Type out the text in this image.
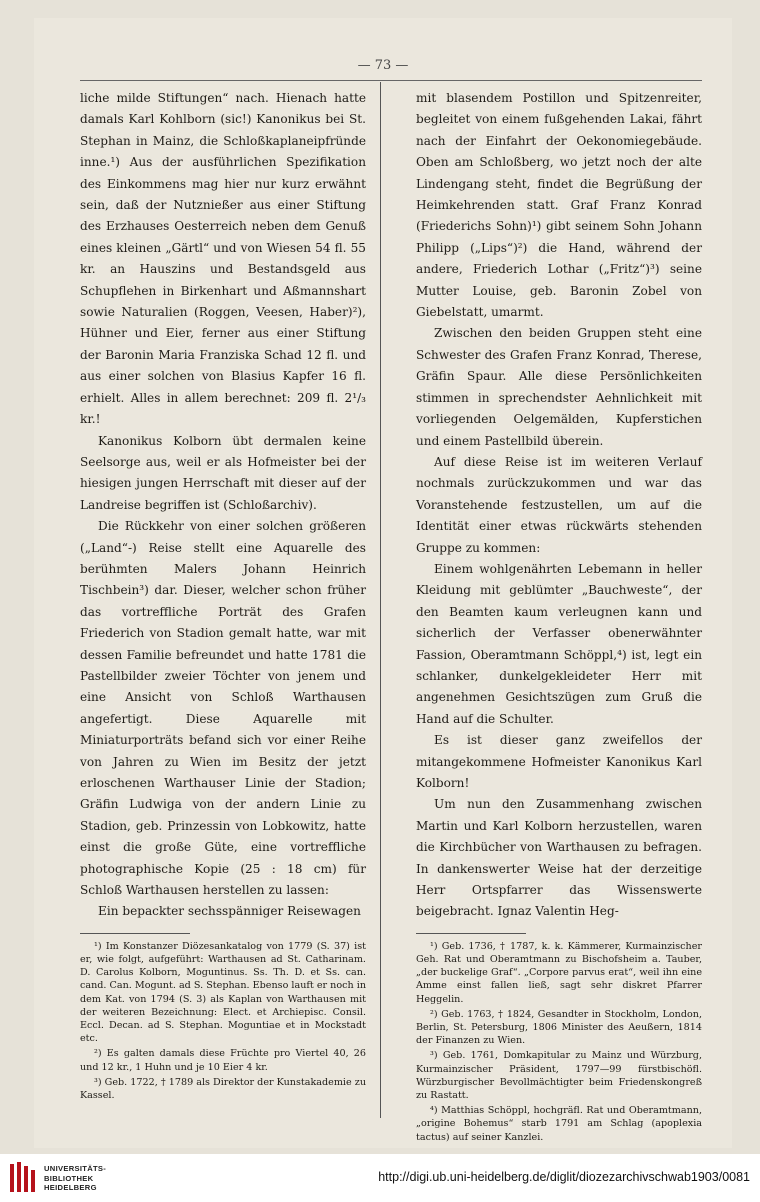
— 73 —

liche milde Stiftungen“ nach. Hienach hatte damals Karl Kohlborn (sic!) Kanonikus bei St. Stephan in Mainz, die Schloßkaplaneipfründe inne.¹) Aus der ausführlichen Spezifikation des Einkommens mag hier nur kurz erwähnt sein, daß der Nutznießer aus einer Stiftung des Erzhauses Oesterreich neben dem Genuß eines kleinen „Gärtl“ und von Wiesen 54 fl. 55 kr. an Hauszins und Bestandsgeld aus Schupflehen in Birkenhart und Aßmannshart sowie Naturalien (Roggen, Veesen, Haber)²), Hühner und Eier, ferner aus einer Stiftung der Baronin Maria Franziska Schad 12 fl. und aus einer solchen von Blasius Kapfer 16 fl. erhielt. Alles in allem berechnet: 209 fl. 2¹/₃ kr.!

Kanonikus Kolborn übt dermalen keine Seelsorge aus, weil er als Hofmeister bei der hiesigen jungen Herrschaft mit dieser auf der Landreise begriffen ist (Schloßarchiv).

Die Rückkehr von einer solchen größeren („Land“-) Reise stellt eine Aquarelle des berühmten Malers Johann Heinrich Tischbein³) dar. Dieser, welcher schon früher das vortreffliche Porträt des Grafen Friederich von Stadion gemalt hatte, war mit dessen Familie befreundet und hatte 1781 die Pastellbilder zweier Töchter von jenem und eine Ansicht von Schloß Warthausen angefertigt. Diese Aquarelle mit Miniaturporträts befand sich vor einer Reihe von Jahren zu Wien im Besitz der jetzt erloschenen Warthauser Linie der Stadion; Gräfin Ludwiga von der andern Linie zu Stadion, geb. Prinzessin von Lobkowitz, hatte einst die große Güte, eine vortreffliche photographische Kopie (25 : 18 cm) für Schloß Warthausen herstellen zu lassen:

Ein bepackter sechsspänniger Reisewagen

¹) Im Konstanzer Diözesankatalog von 1779 (S. 37) ist er, wie folgt, aufgeführt: Warthausen ad St. Catharinam. D. Carolus Kolborn, Moguntinus. Ss. Th. D. et Ss. can. cand. Can. Mogunt. ad S. Stephan. Ebenso lauft er noch in dem Kat. von 1794 (S. 3) als Kaplan von Warthausen mit der weiteren Bezeichnung: Elect. et Archiepisc. Consil. Eccl. Decan. ad S. Stephan. Moguntiae et in Mockstadt etc.

²) Es galten damals diese Früchte pro Viertel 40, 26 und 12 kr., 1 Huhn und je 10 Eier 4 kr.

³) Geb. 1722, † 1789 als Direktor der Kunstakademie zu Kassel.

mit blasendem Postillon und Spitzenreiter, begleitet von einem fußgehenden Lakai, fährt nach der Einfahrt der Oekonomiegebäude. Oben am Schloßberg, wo jetzt noch der alte Lindengang steht, findet die Begrüßung der Heimkehrenden statt. Graf Franz Konrad (Friederichs Sohn)¹) gibt seinem Sohn Johann Philipp („Lips“)²) die Hand, während der andere, Friederich Lothar („Fritz“)³) seine Mutter Louise, geb. Baronin Zobel von Giebelstatt, umarmt.

Zwischen den beiden Gruppen steht eine Schwester des Grafen Franz Konrad, Therese, Gräfin Spaur. Alle diese Persönlichkeiten stimmen in sprechendster Aehnlichkeit mit vorliegenden Oelgemälden, Kupferstichen und einem Pastellbild überein.

Auf diese Reise ist im weiteren Verlauf nochmals zurückzukommen und war das Voranstehende festzustellen, um auf die Identität einer etwas rückwärts stehenden Gruppe zu kommen:

Einem wohlgenährten Lebemann in heller Kleidung mit geblümter „Bauchweste“, der den Beamten kaum verleugnen kann und sicherlich der Verfasser obenerwähnter Fassion, Oberamtmann Schöppl,⁴) ist, legt ein schlanker, dunkelgekleideter Herr mit angenehmen Gesichtszügen zum Gruß die Hand auf die Schulter.

Es ist dieser ganz zweifellos der mitangekommene Hofmeister Kanonikus Karl Kolborn!

Um nun den Zusammenhang zwischen Martin und Karl Kolborn herzustellen, waren die Kirchbücher von Warthausen zu befragen. In dankenswerter Weise hat der derzeitige Herr Ortspfarrer das Wissenswerte beigebracht. Ignaz Valentin Heg-

¹) Geb. 1736, † 1787, k. k. Kämmerer, Kurmainzischer Geh. Rat und Oberamtmann zu Bischofsheim a. Tauber, „der buckelige Graf“. „Corpore parvus erat“, weil ihn eine Amme einst fallen ließ, sagt sehr diskret Pfarrer Heggelin.

²) Geb. 1763, † 1824, Gesandter in Stockholm, London, Berlin, St. Petersburg, 1806 Minister des Aeußern, 1814 der Finanzen zu Wien.

³) Geb. 1761, Domkapitular zu Mainz und Würzburg, Kurmainzischer Präsident, 1797—99 fürstbischöfl. Würzburgischer Bevollmächtigter beim Friedenskongreß zu Rastatt.

⁴) Matthias Schöppl, hochgräfl. Rat und Oberamtmann, „origine Bohemus“ starb 1791 am Schlag (apoplexia tactus) auf seiner Kanzlei.

UNIVERSITÄTS-
BIBLIOTHEK
HEIDELBERG
http://digi.ub.uni-heidelberg.de/diglit/diozezarchivschwab1903/0081
